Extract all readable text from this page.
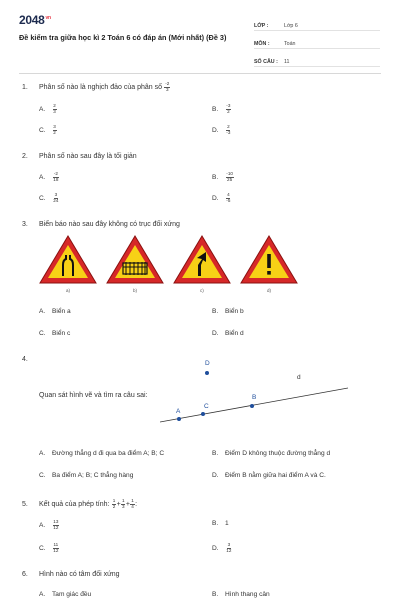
$2048^{vn}$
Đề kiểm tra giữa học kì 2 Toán 6 có đáp án (Mới nhất) (Đề 3)
LỚP :	Lớp 6
MÔN :	Toán
SỐ CÂU :	11
1. Phân số nào là nghịch đảo của phân số $\frac{-2}{3}$
A. $\frac{2}{3}$	B. $\frac{-3}{2}$
C. $\frac{3}{2}$	D. $\frac{2}{-3}$
2. Phân số nào sau đây là tối giản
A. $\frac{-2}{18}$	B. $\frac{-10}{25}$
C. $\frac{3}{24}$	D. $\frac{4}{-5}$
3. Biển báo nào sau đây không có trục đối xứng
a)	b)	c)	d)
A. Biển a	B. Biển b
C. Biển c	D. Biển d
4.
D
d
A
C
B
Quan sát hình vẽ và tìm ra câu sai:
A. Đường thẳng d đi qua ba điểm A; B; C	B. Điểm D không thuộc đường thẳng d
C. Ba điểm A; B; C thẳng hàng	D. Điểm B nằm giữa hai điểm A và C.
5. Kết quả của phép tính: $\frac{1}{2} + \frac{1}{3} + \frac{1}{4}$ :
A. $\frac{13}{12}$	B. 1
C. $\frac{11}{12}$	D. $\frac{3}{12}$
6. Hình nào có tâm đối xứng
A. Tam giác đều	B. Hình thang cân
